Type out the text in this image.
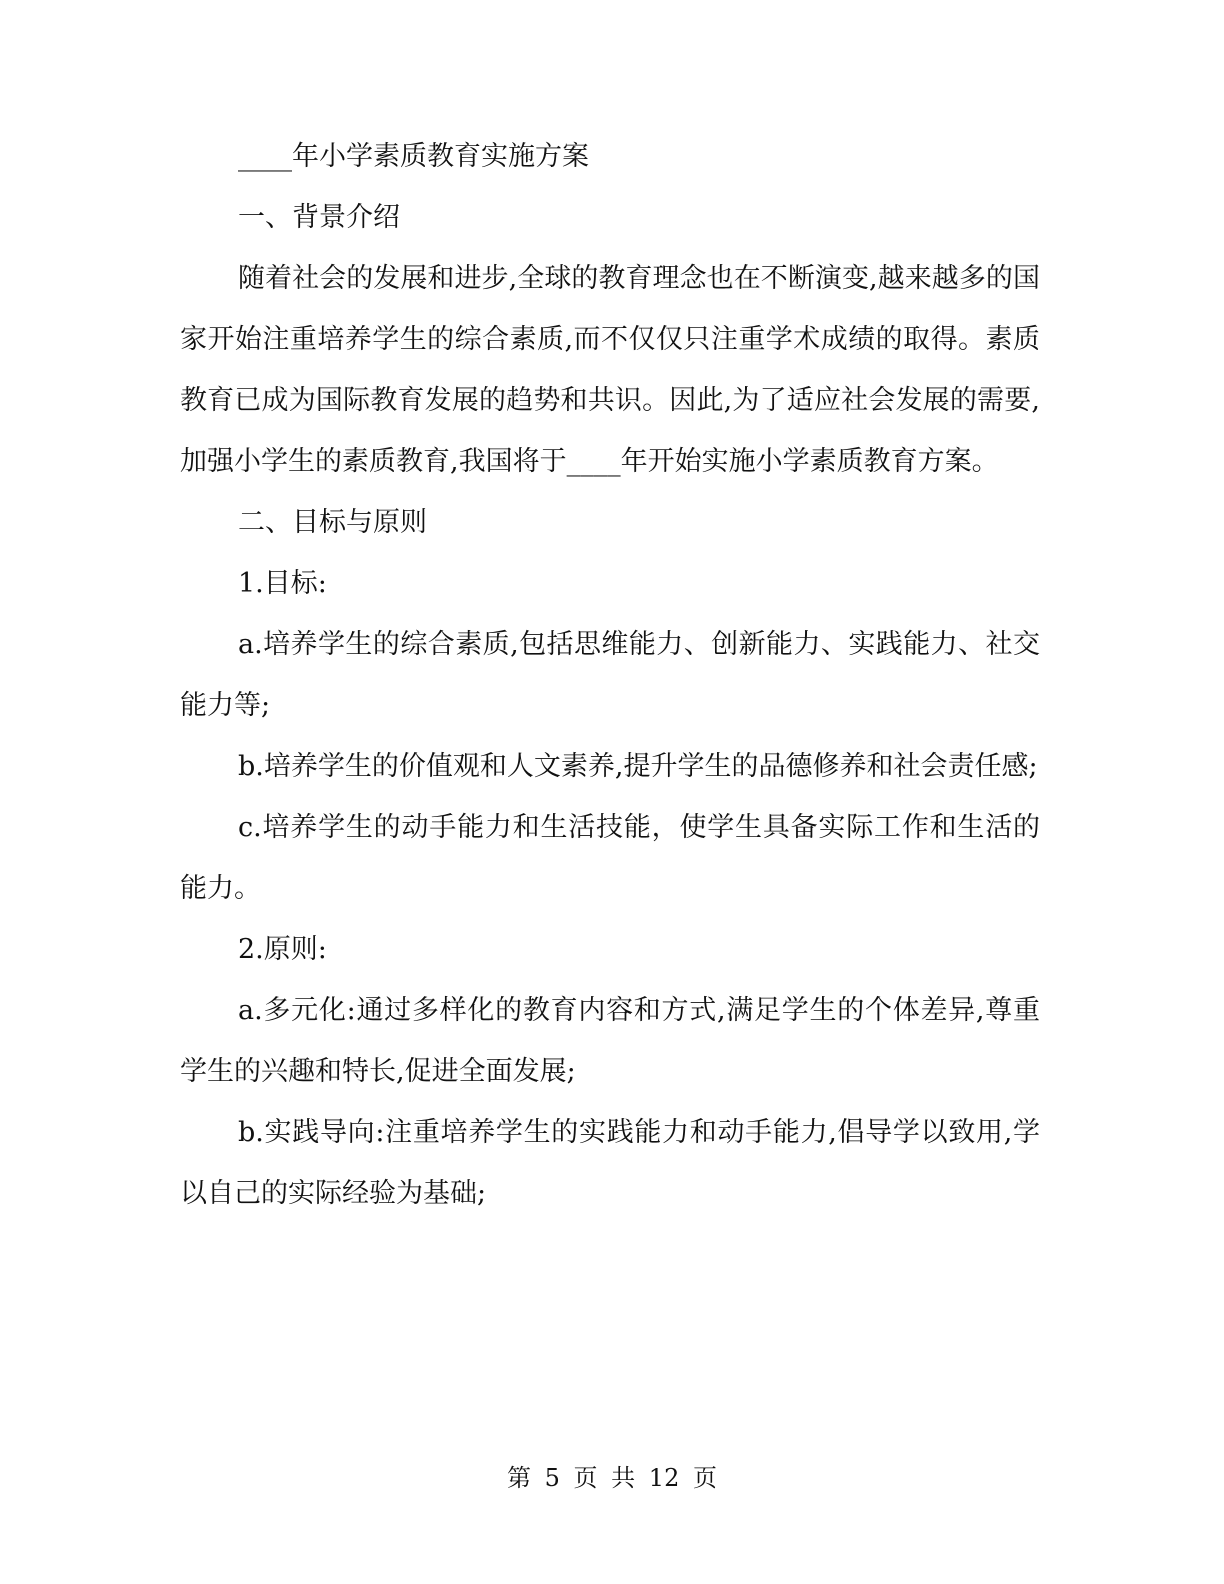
____年小学素质教育实施方案

一、背景介绍

随着社会的发展和进步,全球的教育理念也在不断演变,越来越多的国家开始注重培养学生的综合素质,而不仅仅只注重学术成绩的取得。素质教育已成为国际教育发展的趋势和共识。因此,为了适应社会发展的需要,加强小学生的素质教育,我国将于____年开始实施小学素质教育方案。

二、目标与原则

1.目标:

a.培养学生的综合素质,包括思维能力、创新能力、实践能力、社交能力等;

b.培养学生的价值观和人文素养,提升学生的品德修养和社会责任感;

c.培养学生的动手能力和生活技能，使学生具备实际工作和生活的能力。

2.原则:

a.多元化:通过多样化的教育内容和方式,满足学生的个体差异,尊重学生的兴趣和特长,促进全面发展;

b.实践导向:注重培养学生的实践能力和动手能力,倡导学以致用,学以自己的实际经验为基础;

第 5 页 共 12 页
